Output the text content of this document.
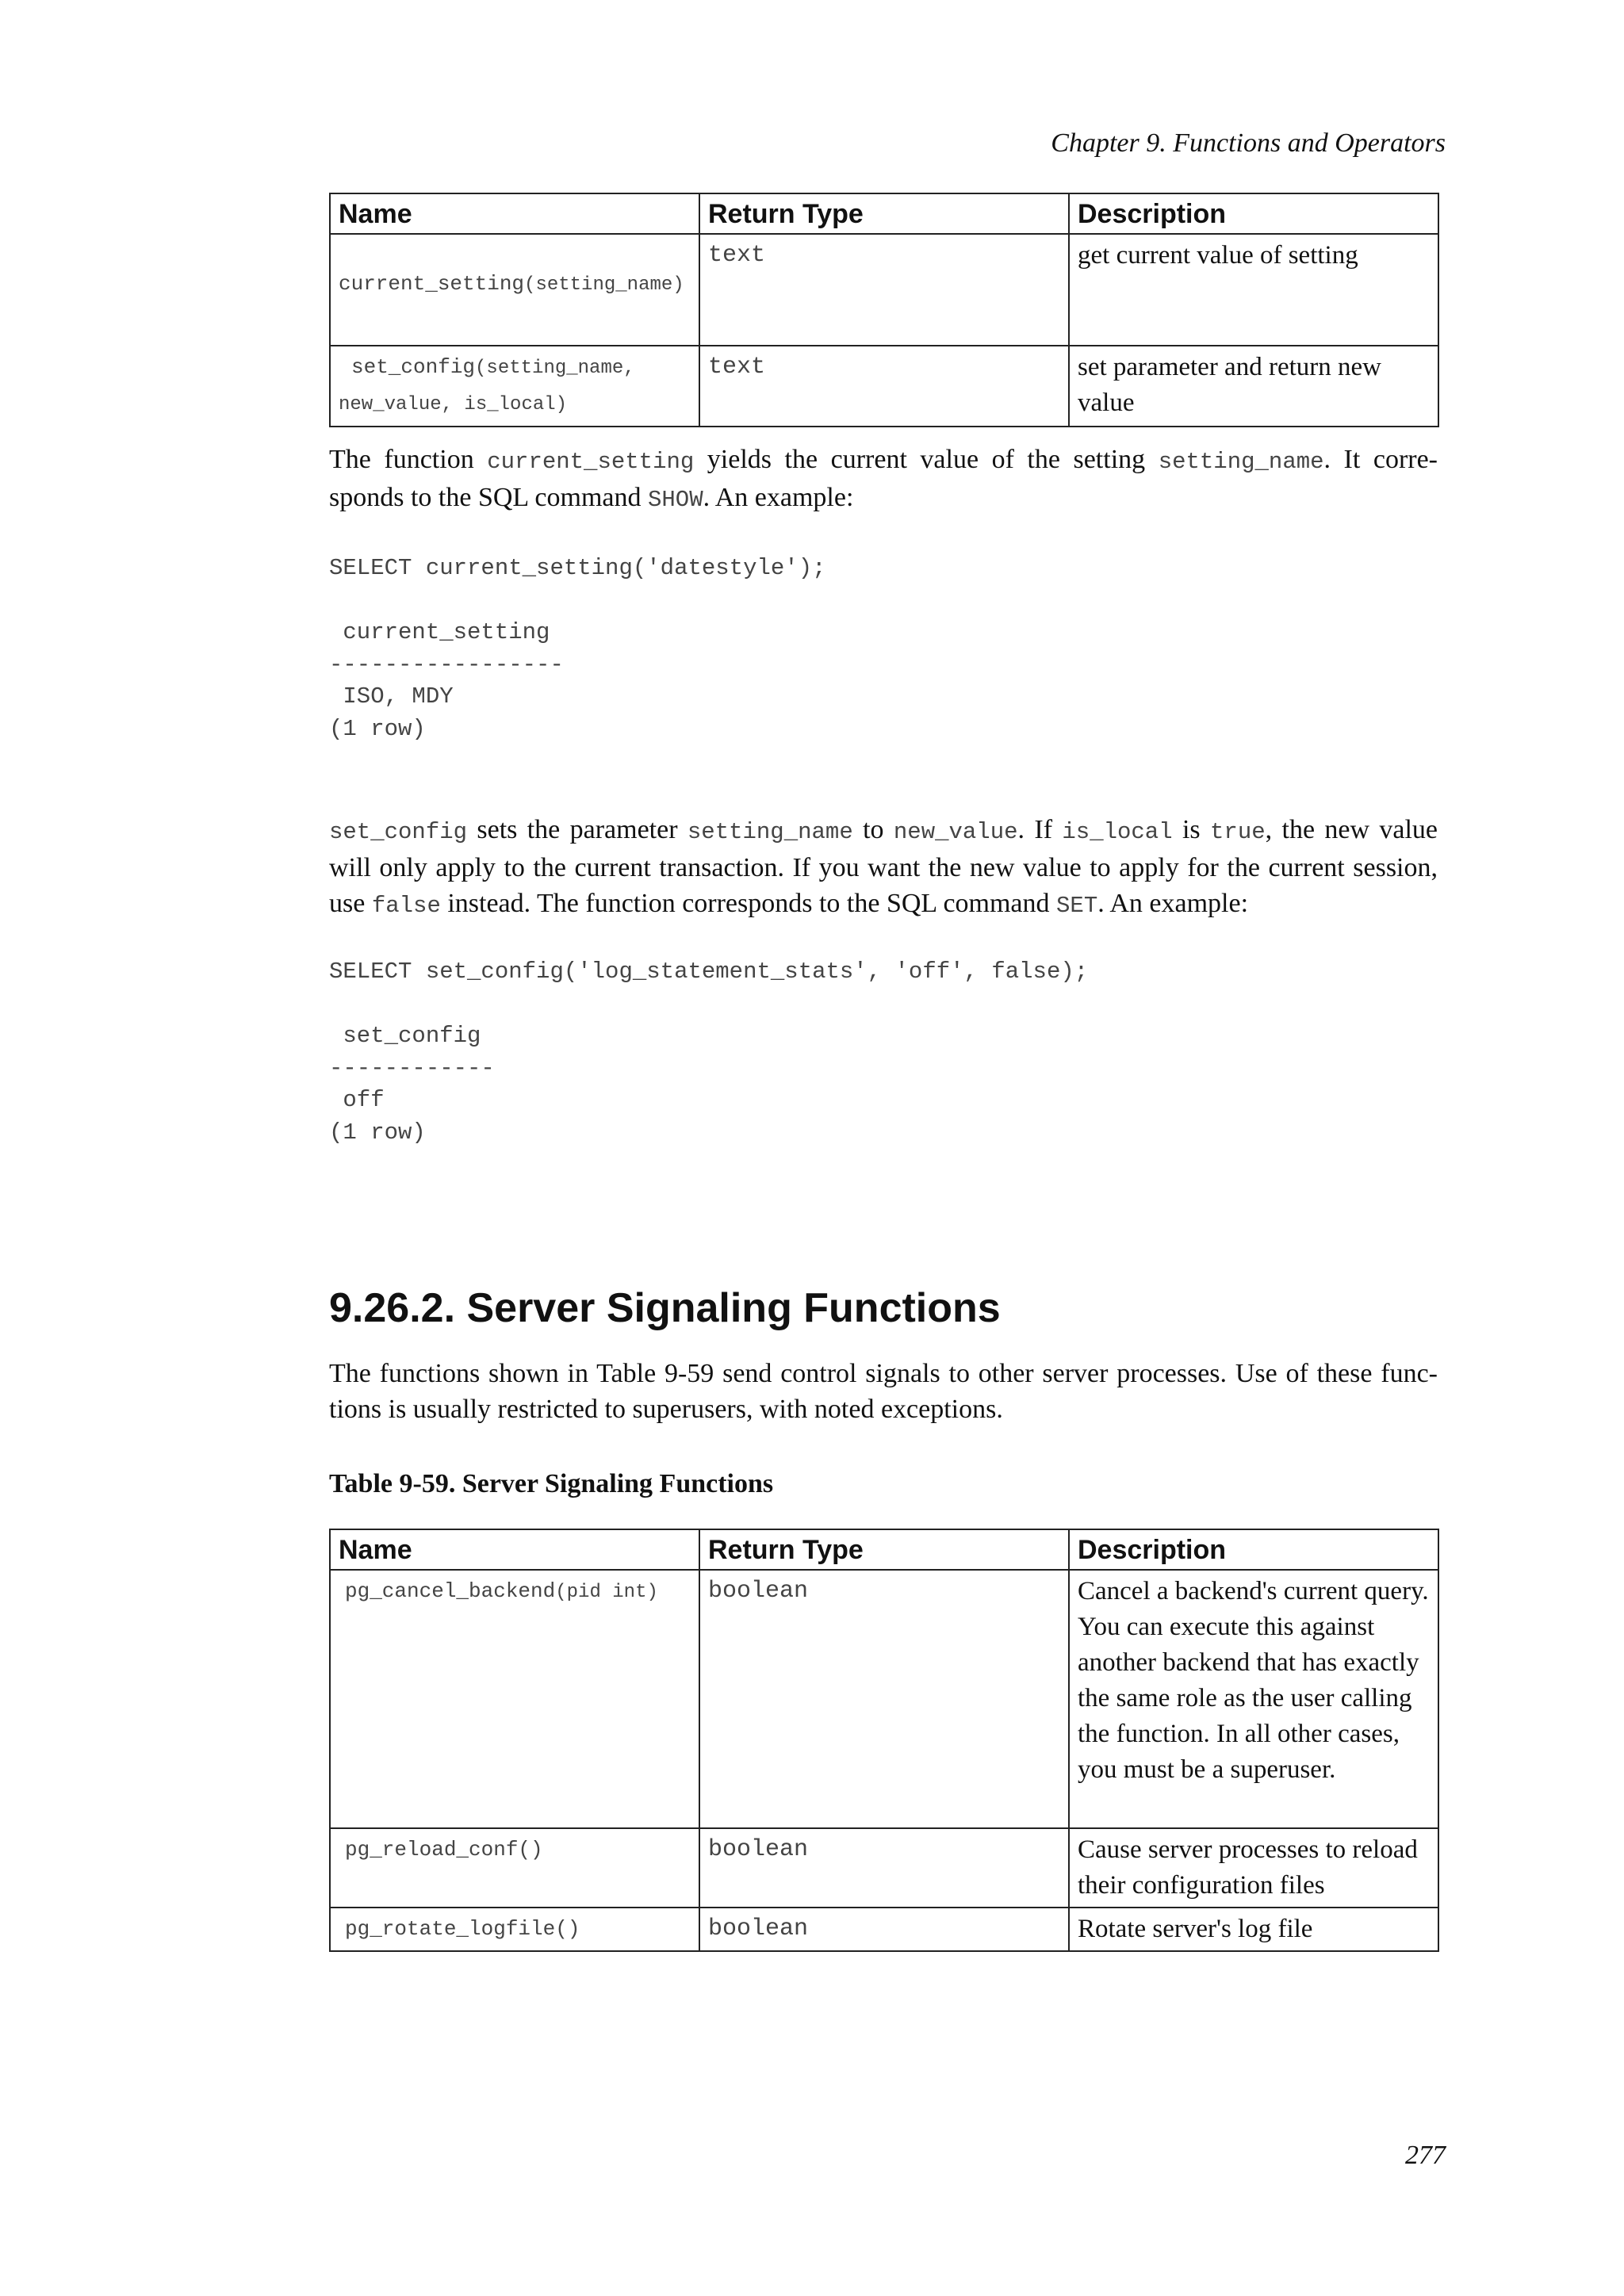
Chapter 9. Functions and Operators
Name	Return Type	Description

current_setting(setting_name)	text	get current value of setting
set_config(setting_name,
new_value, is_local)	text	set parameter and return new value

The function current_setting yields the current value of the setting setting_name. It corre- sponds to the SQL command SHOW. An example:

SELECT current_setting('datestyle');

current_setting
-----------------
ISO, MDY
(1 row)

set_config sets the parameter setting_name to new_value. If is_local is true, the new value will only apply to the current transaction. If you want the new value to apply for the current session, use false instead. The function corresponds to the SQL command SET. An example:

SELECT set_config('log_statement_stats', 'off', false);

set_config
------------
off
(1 row)
9.26.2. Server Signaling Functions

The functions shown in Table 9-59 send control signals to other server processes. Use of these func- tions is usually restricted to superusers, with noted exceptions.

Table 9-59. Server Signaling Functions
Name	Return Type	Description
pg_cancel_backend(pid int)	boolean	Cancel a backend's current query. You can execute this against another backend that has exactly the same role as the user calling the function. In all other cases, you must be a superuser.
pg_reload_conf()	boolean	Cause server processes to reload their configuration files
pg_rotate_logfile()	boolean	Rotate server's log file
277
